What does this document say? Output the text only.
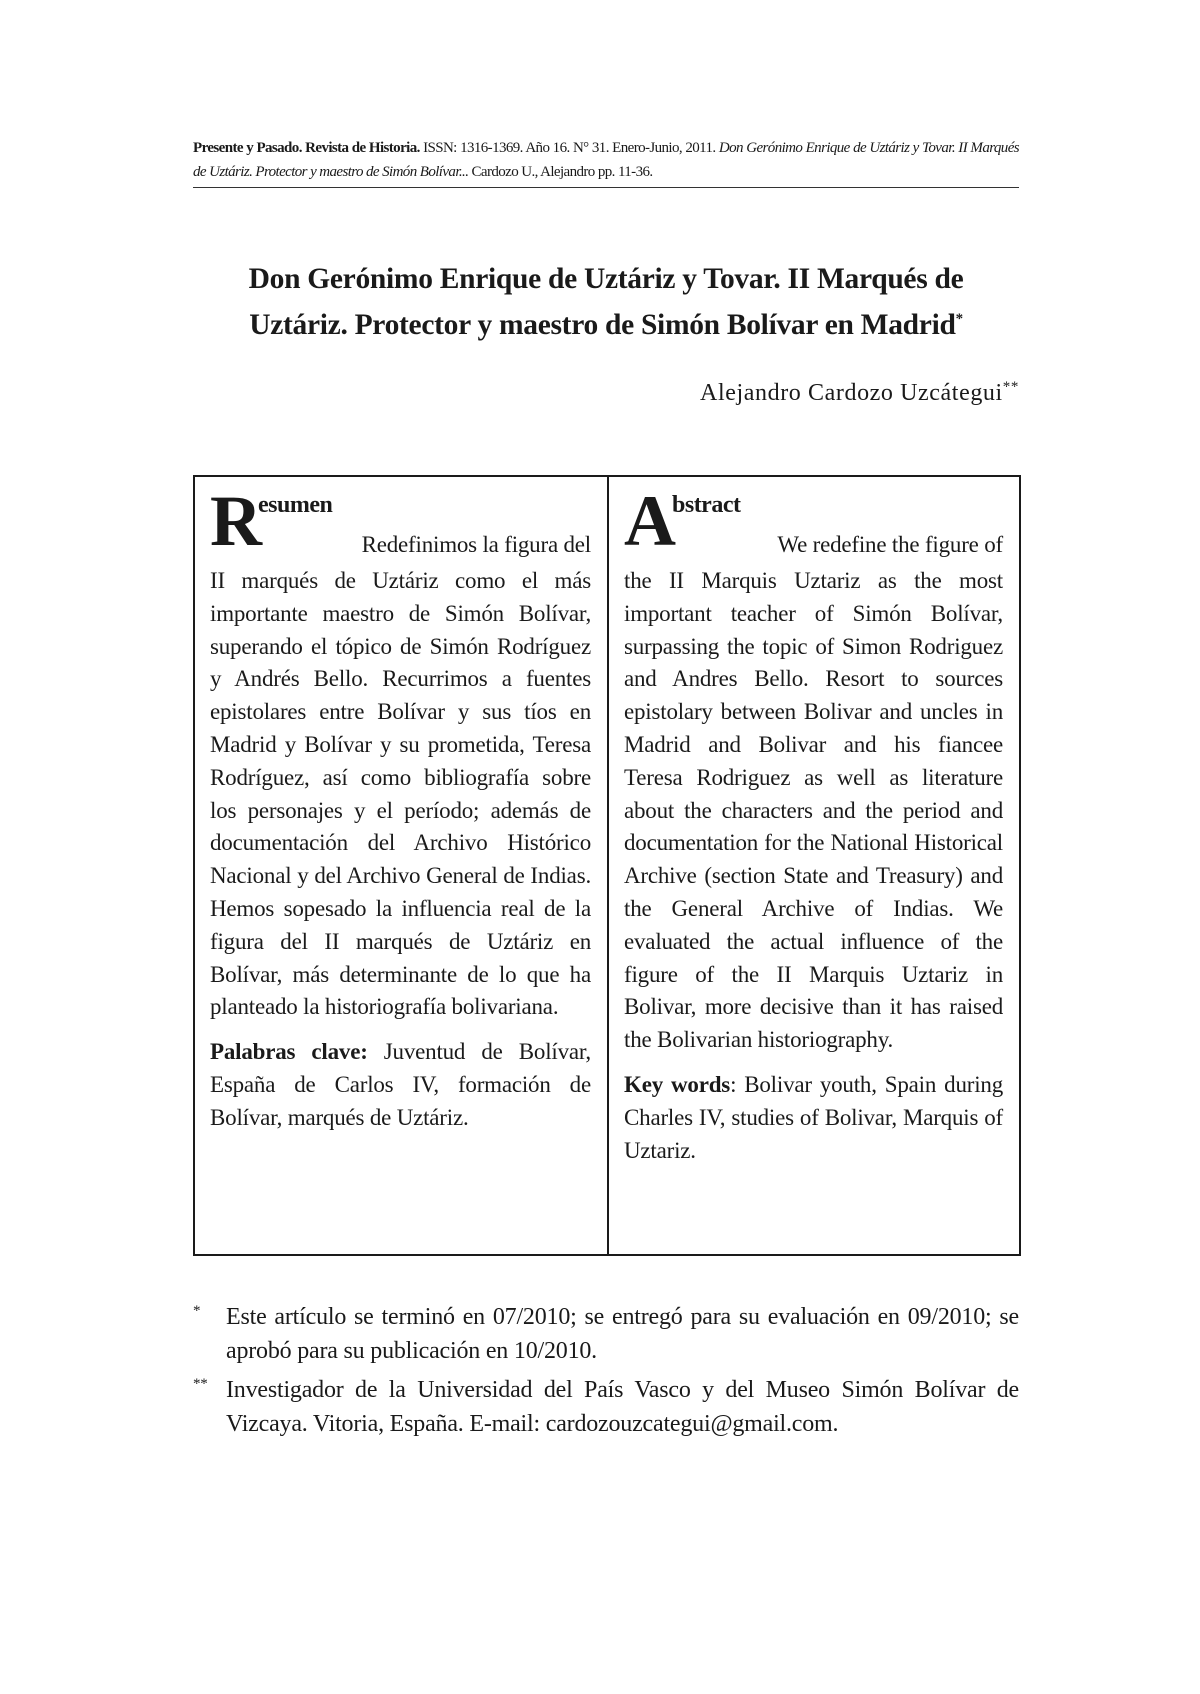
Presente y Pasado. Revista de Historia. ISSN: 1316-1369. Año 16. N° 31. Enero-Junio, 2011. Don Gerónimo Enrique de Uztáriz y Tovar. II Marqués de Uztáriz. Protector y maestro de Simón Bolívar... Cardozo U., Alejandro pp. 11-36.
Don Gerónimo Enrique de Uztáriz y Tovar. II Marqués de
Uztáriz. Protector y maestro de Simón Bolívar en Madrid*
Alejandro Cardozo Uzcátegui**
R
esumen
Redefinimos la figura del
II marqués de Uztáriz como el más importante maestro de Simón Bolívar, superando el tópico de Simón Rodríguez y Andrés Bello. Recurrimos a fuentes epistolares entre Bolívar y sus tíos en Madrid y Bolívar y su prometida, Teresa Rodríguez, así como bibliografía sobre los personajes y el período; además de documentación del Archivo Histórico Nacional y del Archivo General de Indias. Hemos sopesado la influencia real de la figura del II marqués de Uztáriz en Bolívar, más determinante de lo que ha planteado la historiografía bolivariana.
Palabras clave: Juventud de Bolívar, España de Carlos IV, formación de Bolívar, marqués de Uztáriz.
A
bstract
We redefine the figure of
the II Marquis Uztariz as the most important teacher of Simón Bolívar, surpassing the topic of Simon Rodriguez and Andres Bello. Resort to sources epistolary between Bolivar and uncles in Madrid and Bolivar and his fiancee Teresa Rodriguez as well as literature about the characters and the period and documentation for the National Historical Archive (section State and Treasury) and the General Archive of Indias. We evaluated the actual influence of the figure of the II Marquis Uztariz in Bolivar, more decisive than it has raised the Bolivarian historiography.
Key words: Bolivar youth, Spain during Charles IV, studies of Bolivar, Marquis of Uztariz.
* Este artículo se terminó en 07/2010; se entregó para su evaluación en 09/2010; se aprobó para su publicación en 10/2010.
** Investigador de la Universidad del País Vasco y del Museo Simón Bolívar de Vizcaya. Vitoria, España. E-mail: cardozouzcategui@gmail.com.
